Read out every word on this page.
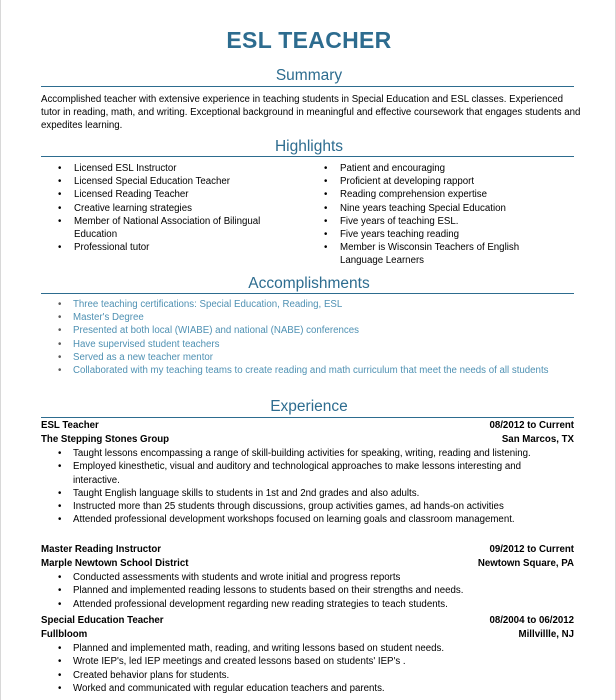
ESL TEACHER
Summary
Accomplished teacher with extensive experience in teaching students in Special Education and ESL classes. Experienced tutor in reading, math, and writing. Exceptional background in meaningful and effective coursework that engages students and expedites learning.
Highlights
• Licensed ESL Instructor
• Licensed Special Education Teacher
• Licensed Reading Teacher
• Creative learning strategies
• Member of National Association of Bilingual Education
• Professional tutor
• Patient and encouraging
• Proficient at developing rapport
• Reading comprehension expertise
• Nine years teaching Special Education
• Five years of teaching ESL.
• Five years teaching reading
• Member is Wisconsin Teachers of English Language Learners
Accomplishments
• Three teaching certifications: Special Education, Reading, ESL
• Master's Degree
• Presented at both local (WIABE) and national (NABE) conferences
• Have supervised student teachers
• Served as a new teacher mentor
• Collaborated with my teaching teams to create reading and math curriculum that meet the needs of all students
Experience
ESL Teacher	08/2012 to Current
The Stepping Stones Group	San Marcos, TX
• Taught lessons encompassing a range of skill-building activities for speaking, writing, reading and listening.
• Employed kinesthetic, visual and auditory and technological approaches to make lessons interesting and interactive.
• Taught English language skills to students in 1st and 2nd grades and also adults.
• Instructed more than 25 students through discussions, group activities games, ad hands-on activities
• Attended professional development workshops focused on learning goals and classroom management.
Master Reading Instructor	09/2012 to Current
Marple Newtown School District	Newtown Square, PA
• Conducted assessments with students and wrote initial and progress reports
• Planned and implemented reading lessons to students based on their strengths and needs.
• Attended professional development regarding new reading strategies to teach students.
Special Education Teacher	08/2004 to 06/2012
Fullbloom	Millvillle, NJ
• Planned and implemented math, reading, and writing lessons based on student needs.
• Wrote IEP's, led IEP meetings and created lessons based on students' IEP's .
• Created behavior plans for students.
• Worked and communicated with regular education teachers and parents.
